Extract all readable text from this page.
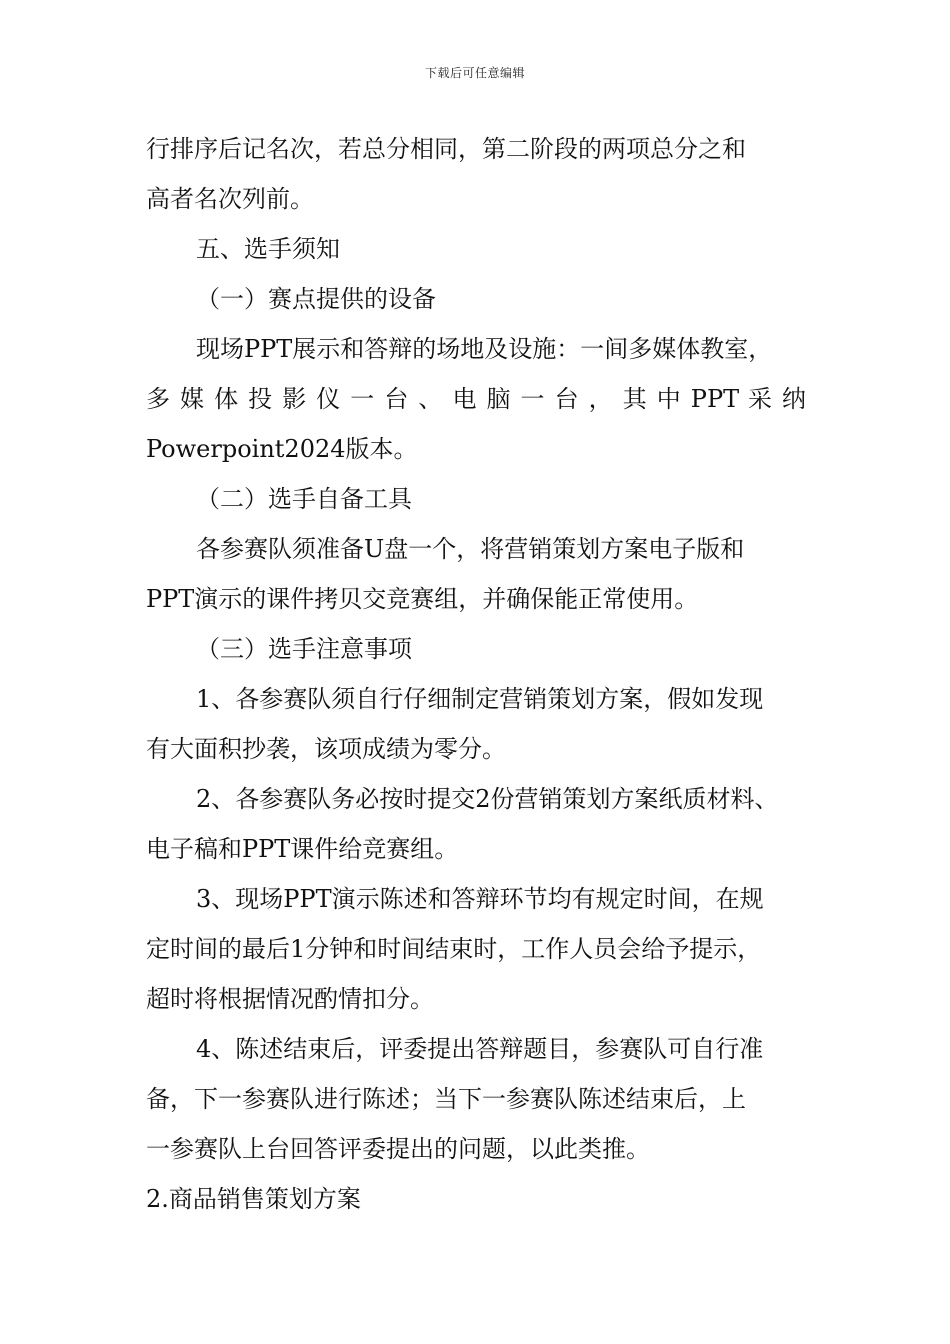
下载后可任意编辑
行排序后记名次，若总分相同，第二阶段的两项总分之和
高者名次列前。
五、选手须知
（一）赛点提供的设备
现场PPT展示和答辩的场地及设施：一间多媒体教室，
多 媒 体 投 影 仪 一 台 、 电 脑 一 台 ， 其 中 PPT 采 纳
Powerpoint2024版本。
（二）选手自备工具
各参赛队须准备U盘一个，将营销策划方案电子版和
PPT演示的课件拷贝交竞赛组，并确保能正常使用。
（三）选手注意事项
1、各参赛队须自行仔细制定营销策划方案，假如发现
有大面积抄袭，该项成绩为零分。
2、各参赛队务必按时提交2份营销策划方案纸质材料、
电子稿和PPT课件给竞赛组。
3、现场PPT演示陈述和答辩环节均有规定时间，在规
定时间的最后1分钟和时间结束时，工作人员会给予提示，
超时将根据情况酌情扣分。
4、陈述结束后，评委提出答辩题目，参赛队可自行准
备，下一参赛队进行陈述；当下一参赛队陈述结束后，上
一参赛队上台回答评委提出的问题，以此类推。
2.商品销售策划方案
